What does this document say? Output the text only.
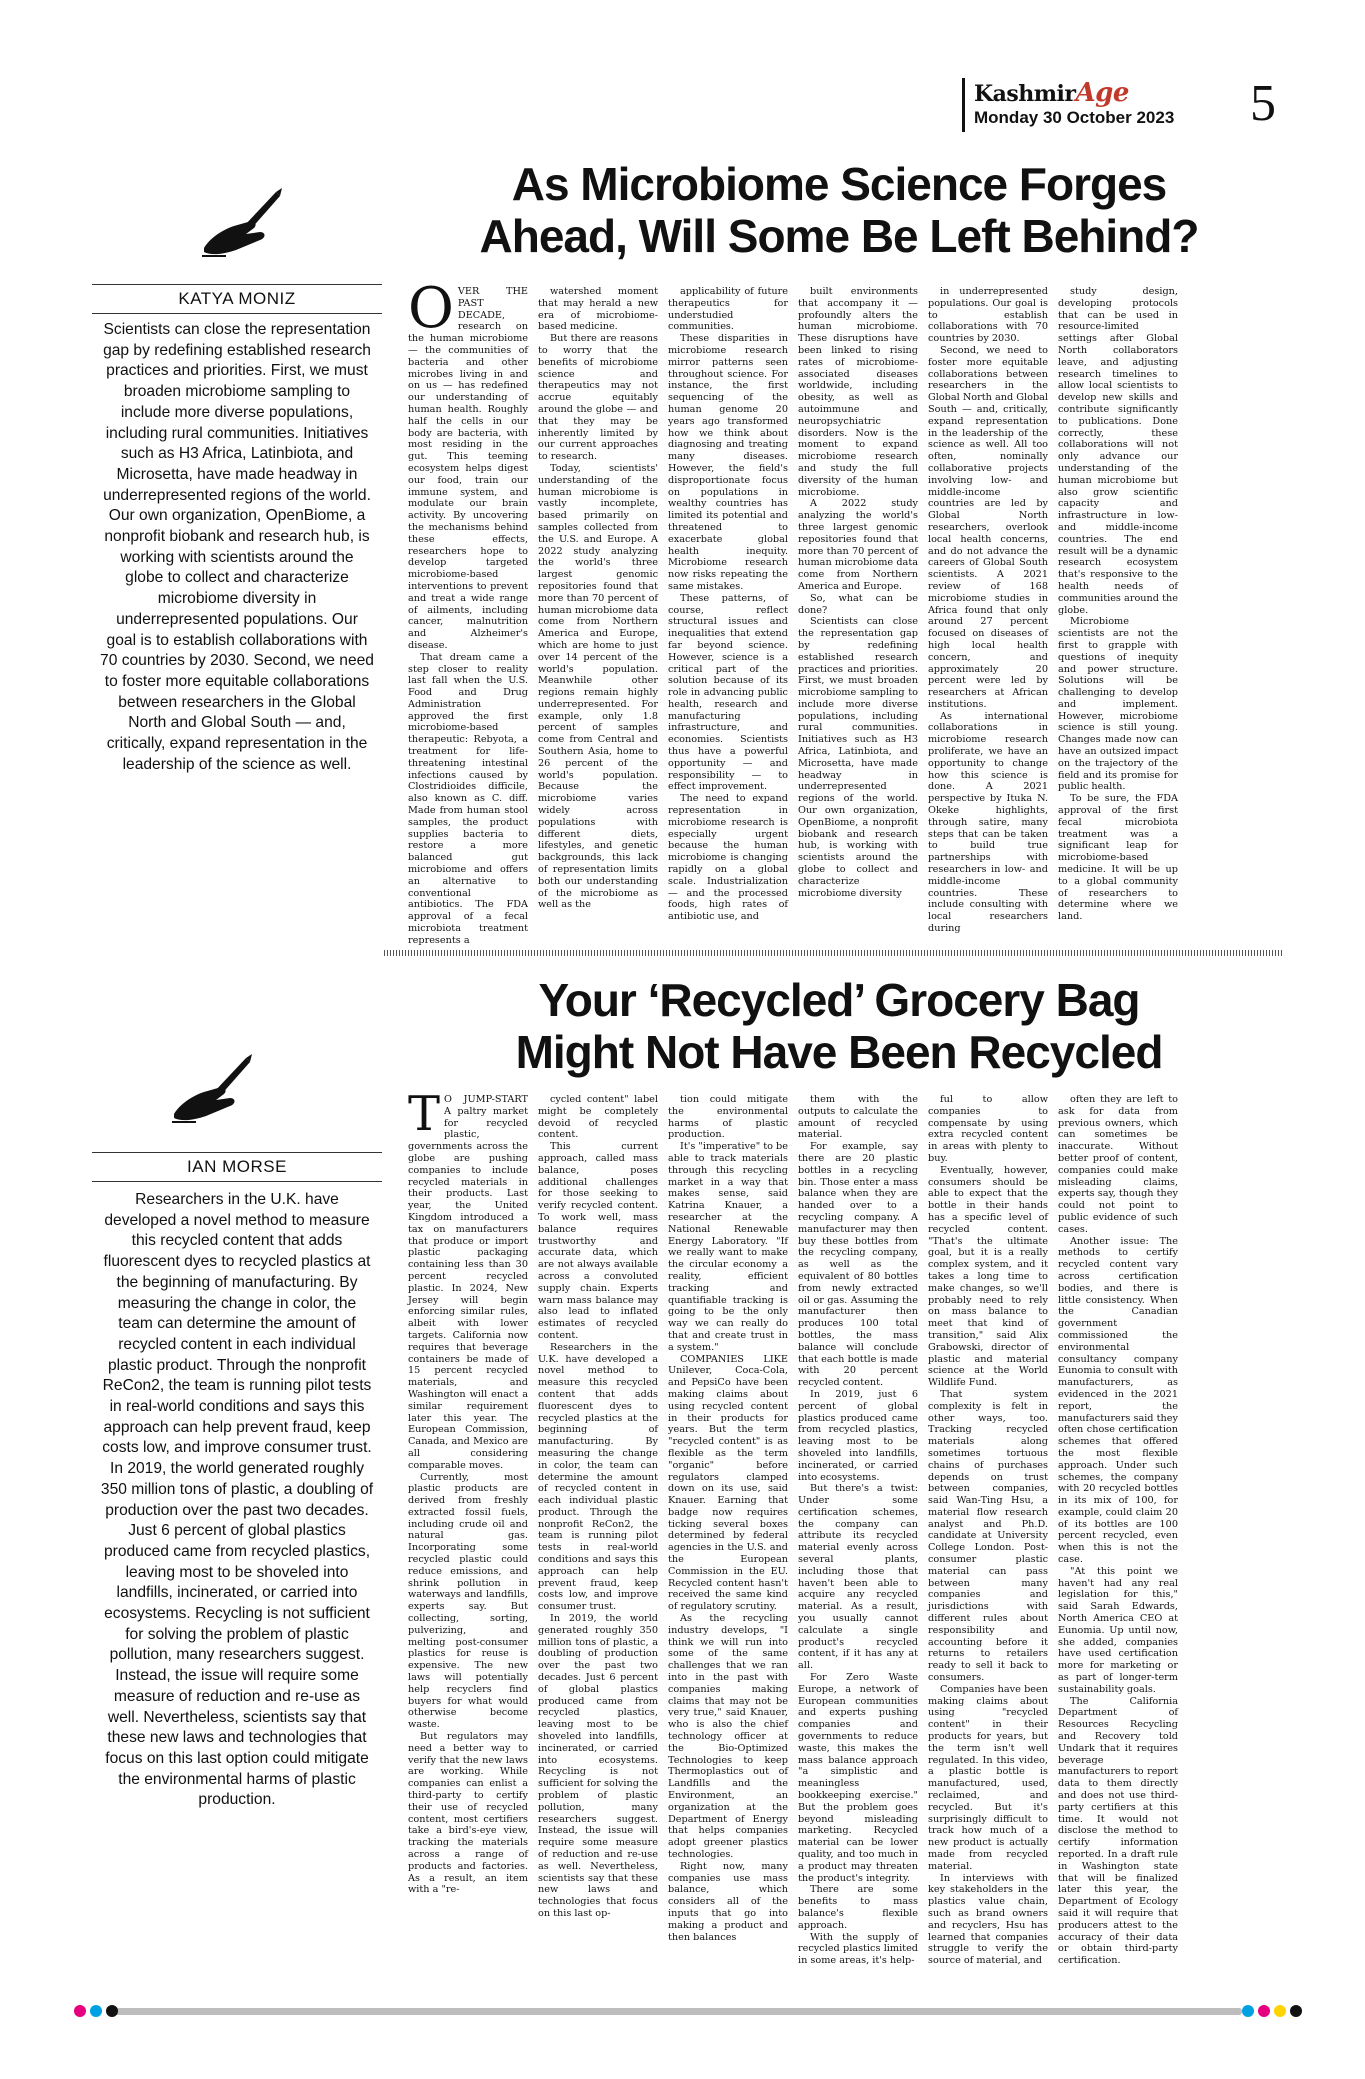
KashmirAge
Monday 30 October 2023 5
As Microbiome Science Forges
Ahead, Will Some Be Left Behind?
KATYA MONIZ
Scientists can close the representation gap by redefining established research practices and priorities. First, we must broaden microbiome sampling to include more diverse populations, including rural communities. Initiatives such as H3 Africa, Latinbiota, and Microsetta, have made headway in underrepresented regions of the world. Our own organization, OpenBiome, a nonprofit biobank and research hub, is working with scientists around the globe to collect and characterize microbiome diversity in underrepresented populations. Our goal is to establish collaborations with 70 countries by 2030. Second, we need to foster more equitable collaborations between researchers in the Global North and Global South — and, critically, expand representation in the leadership of the science as well.
O VER THE PAST DECADE, research on the human microbiome — the communities of bacteria and other microbes living in and on us — has redefined our understanding of human health. Roughly half the cells in our body are bacteria, with most residing in the gut. This teeming ecosystem helps digest our food, train our immune system, and modulate our brain activity. By uncovering the mechanisms behind these effects, researchers hope to develop targeted microbiome-based interventions to prevent and treat a wide range of ailments, including cancer, malnutrition and Alzheimer's disease.

That dream came a step closer to reality last fall when the U.S. Food and Drug Administration approved the first microbiome-based therapeutic: Rebyota, a treatment for life-threatening intestinal infections caused by Clostridioides difficile, also known as C. diff. Made from human stool samples, the product supplies bacteria to restore a more balanced gut microbiome and offers an alternative to conventional antibiotics. The FDA approval of a fecal microbiota treatment represents a

watershed moment that may herald a new era of microbiome-based medicine.

But there are reasons to worry that the benefits of microbiome science and therapeutics may not accrue equitably around the globe — and that they may be inherently limited by our current approaches to research.

Today, scientists' understanding of the human microbiome is vastly incomplete, based primarily on samples collected from the U.S. and Europe. A 2022 study analyzing the world's three largest genomic repositories found that more than 70 percent of human microbiome data come from Northern America and Europe, which are home to just over 14 percent of the world's population. Meanwhile other regions remain highly underrepresented. For example, only 1.8 percent of samples come from Central and Southern Asia, home to 26 percent of the world's population. Because the microbiome varies widely across populations with different diets, lifestyles, and genetic backgrounds, this lack of representation limits both our understanding of the microbiome as well as the

applicability of future therapeutics for understudied communities.

These disparities in microbiome research mirror patterns seen throughout science. For instance, the first sequencing of the human genome 20 years ago transformed how we think about diagnosing and treating many diseases. However, the field's disproportionate focus on populations in wealthy countries has limited its potential and threatened to exacerbate global health inequity. Microbiome research now risks repeating the same mistakes.

These patterns, of course, reflect structural issues and inequalities that extend far beyond science. However, science is a critical part of the solution because of its role in advancing public health, research and manufacturing infrastructure, and economies. Scientists thus have a powerful opportunity — and responsibility — to effect improvement.

The need to expand representation in microbiome research is especially urgent because the human microbiome is changing rapidly on a global scale. Industrialization — and the processed foods, high rates of antibiotic use, and

built environments that accompany it — profoundly alters the human microbiome. These disruptions have been linked to rising rates of microbiome-associated diseases worldwide, including obesity, as well as autoimmune and neuropsychiatric disorders. Now is the moment to expand microbiome research and study the full diversity of the human microbiome.

A 2022 study analyzing the world's three largest genomic repositories found that more than 70 percent of human microbiome data come from Northern America and Europe.

So, what can be done?

Scientists can close the representation gap by redefining established research practices and priorities. First, we must broaden microbiome sampling to include more diverse populations, including rural communities. Initiatives such as H3 Africa, Latinbiota, and Microsetta, have made headway in underrepresented regions of the world. Our own organization, OpenBiome, a nonprofit biobank and research hub, is working with scientists around the globe to collect and characterize microbiome diversity

in underrepresented populations. Our goal is to establish collaborations with 70 countries by 2030.

Second, we need to foster more equitable collaborations between researchers in the Global North and Global South — and, critically, expand representation in the leadership of the science as well. All too often, nominally collaborative projects involving low- and middle-income countries are led by Global North researchers, overlook local health concerns, and do not advance the careers of Global South scientists. A 2021 review of 168 microbiome studies in Africa found that only around 27 percent focused on diseases of high local health concern, and approximately 20 percent were led by researchers at African institutions.

As international collaborations in microbiome research proliferate, we have an opportunity to change how this science is done. A 2021 perspective by Ituka N. Okeke highlights, through satire, many steps that can be taken to build true partnerships with researchers in low- and middle-income countries. These include consulting with local researchers during

study design, developing protocols that can be used in resource-limited settings after Global North collaborators leave, and adjusting research timelines to allow local scientists to develop new skills and contribute significantly to publications. Done correctly, these collaborations will not only advance our understanding of the human microbiome but also grow scientific capacity and infrastructure in low- and middle-income countries. The end result will be a dynamic research ecosystem that's responsive to the health needs of communities around the globe.

Microbiome scientists are not the first to grapple with questions of inequity and power structure. Solutions will be challenging to develop and implement. However, microbiome science is still young. Changes made now can have an outsized impact on the trajectory of the field and its promise for public health.

To be sure, the FDA approval of the first fecal microbiota treatment was a significant leap for microbiome-based medicine. It will be up to a global community of researchers to determine where we land.

Your ‘Recycled’ Grocery Bag
Might Not Have Been Recycled
IAN MORSE
Researchers in the U.K. have developed a novel method to measure this recycled content that adds fluorescent dyes to recycled plastics at the beginning of manufacturing. By measuring the change in color, the team can determine the amount of recycled content in each individual plastic product. Through the nonprofit ReCon2, the team is running pilot tests in real-world conditions and says this approach can help prevent fraud, keep costs low, and improve consumer trust. In 2019, the world generated roughly 350 million tons of plastic, a doubling of production over the past two decades. Just 6 percent of global plastics produced came from recycled plastics, leaving most to be shoveled into landfills, incinerated, or carried into ecosystems. Recycling is not sufficient for solving the problem of plastic pollution, many researchers suggest. Instead, the issue will require some measure of reduction and re-use as well. Nevertheless, scientists say that these new laws and technologies that focus on this last option could mitigate the environmental harms of plastic production.
T O JUMP-START A paltry market for recycled plastic, governments across the globe are pushing companies to include recycled materials in their products. Last year, the United Kingdom introduced a tax on manufacturers that produce or import plastic packaging containing less than 30 percent recycled plastic. In 2024, New Jersey will begin enforcing similar rules, albeit with lower targets. California now requires that beverage containers be made of 15 percent recycled materials, and Washington will enact a similar requirement later this year. The European Commission, Canada, and Mexico are all considering comparable moves.

Currently, most plastic products are derived from freshly extracted fossil fuels, including crude oil and natural gas. Incorporating some recycled plastic could reduce emissions, and shrink pollution in waterways and landfills, experts say. But collecting, sorting, pulverizing, and melting post-consumer plastics for reuse is expensive. The new laws will potentially help recyclers find buyers for what would otherwise become waste.

But regulators may need a better way to verify that the new laws are working. While companies can enlist a third-party to certify their use of recycled content, most certifiers take a bird's-eye view, tracking the materials across a range of products and factories. As a result, an item with a "re-

cycled content" label might be completely devoid of recycled content.

This current approach, called mass balance, poses additional challenges for those seeking to verify recycled content. To work well, mass balance requires trustworthy and accurate data, which are not always available across a convoluted supply chain. Experts warn mass balance may also lead to inflated estimates of recycled content.

Researchers in the U.K. have developed a novel method to measure this recycled content that adds fluorescent dyes to recycled plastics at the beginning of manufacturing. By measuring the change in color, the team can determine the amount of recycled content in each individual plastic product. Through the nonprofit ReCon2, the team is running pilot tests in real-world conditions and says this approach can help prevent fraud, keep costs low, and improve consumer trust.

In 2019, the world generated roughly 350 million tons of plastic, a doubling of production over the past two decades. Just 6 percent of global plastics produced came from recycled plastics, leaving most to be shoveled into landfills, incinerated, or carried into ecosystems. Recycling is not sufficient for solving the problem of plastic pollution, many researchers suggest. Instead, the issue will require some measure of reduction and re-use as well. Nevertheless, scientists say that these new laws and technologies that focus on this last op-

tion could mitigate the environmental harms of plastic production.

It's "imperative" to be able to track materials through this recycling market in a way that makes sense, said Katrina Knauer, a researcher at the National Renewable Energy Laboratory. "If we really want to make the circular economy a reality, efficient tracking and quantifiable tracking is going to be the only way we can really do that and create trust in a system."

COMPANIES LIKE Unilever, Coca-Cola, and PepsiCo have been making claims about using recycled content in their products for years. But the term "recycled content" is as flexible as the term "organic" before regulators clamped down on its use, said Knauer. Earning that badge now requires ticking several boxes determined by federal agencies in the U.S. and the European Commission in the EU. Recycled content hasn't received the same kind of regulatory scrutiny.

As the recycling industry develops, "I think we will run into some of the same challenges that we ran into in the past with companies making claims that may not be very true," said Knauer, who is also the chief technology officer at the Bio-Optimized Technologies to keep Thermoplastics out of Landfills and the Environment, an organization at the Department of Energy that helps companies adopt greener plastics technologies.

Right now, many companies use mass balance, which considers all of the inputs that go into making a product and then balances

them with the outputs to calculate the amount of recycled material.

For example, say there are 20 plastic bottles in a recycling bin. Those enter a mass balance when they are handed over to a recycling company. A manufacturer may then buy these bottles from the recycling company, as well as the equivalent of 80 bottles from newly extracted oil or gas. Assuming the manufacturer then produces 100 total bottles, the mass balance will conclude that each bottle is made with 20 percent recycled content.

In 2019, just 6 percent of global plastics produced came from recycled plastics, leaving most to be shoveled into landfills, incinerated, or carried into ecosystems.

But there's a twist: Under some certification schemes, the company can attribute its recycled material evenly across several plants, including those that haven't been able to acquire any recycled material. As a result, you usually cannot calculate a single product's recycled content, if it has any at all.

For Zero Waste Europe, a network of European communities and experts pushing companies and governments to reduce waste, this makes the mass balance approach "a simplistic and meaningless bookkeeping exercise." But the problem goes beyond misleading marketing. Recycled material can be lower quality, and too much in a product may threaten the product's integrity.

There are some benefits to mass balance's flexible approach.

With the supply of recycled plastics limited in some areas, it's help-

ful to allow companies to compensate by using extra recycled content in areas with plenty to buy.

Eventually, however, consumers should be able to expect that the bottle in their hands has a specific level of recycled content. "That's the ultimate goal, but it is a really complex system, and it takes a long time to make changes, so we'll probably need to rely on mass balance to meet that kind of transition," said Alix Grabowski, director of plastic and material science at the World Wildlife Fund.

That system complexity is felt in other ways, too. Tracking recycled materials along sometimes tortuous chains of purchases depends on trust between companies, said Wan-Ting Hsu, a material flow research analyst and Ph.D. candidate at University College London. Post-consumer plastic material can pass between many companies and jurisdictions with different rules about responsibility and accounting before it returns to retailers ready to sell it back to consumers.

Companies have been making claims about using "recycled content" in their products for years, but the term isn't well regulated. In this video, a plastic bottle is manufactured, used, reclaimed, and recycled. But it's surprisingly difficult to track how much of a new product is actually made from recycled material.

In interviews with key stakeholders in the plastics value chain, such as brand owners and recyclers, Hsu has learned that companies struggle to verify the source of material, and

often they are left to ask for data from previous owners, which can sometimes be inaccurate. Without better proof of content, companies could make misleading claims, experts say, though they could not point to public evidence of such cases.

Another issue: The methods to certify recycled content vary across certification bodies, and there is little consistency. When the Canadian government commissioned the environmental consultancy company Eunomia to consult with manufacturers, as evidenced in the 2021 report, the manufacturers said they often chose certification schemes that offered the most flexible approach. Under such schemes, the company with 20 recycled bottles in its mix of 100, for example, could claim 20 of its bottles are 100 percent recycled, even when this is not the case.

"At this point we haven't had any real legislation for this," said Sarah Edwards, North America CEO at Eunomia. Up until now, she added, companies have used certification more for marketing or as part of longer-term sustainability goals.

The California Department of Resources Recycling and Recovery told Undark that it requires beverage manufacturers to report data to them directly and does not use third-party certifiers at this time. It would not disclose the method to certify information reported. In a draft rule in Washington state that will be finalized later this year, the Department of Ecology said it will require that producers attest to the accuracy of their data or obtain third-party certification.
